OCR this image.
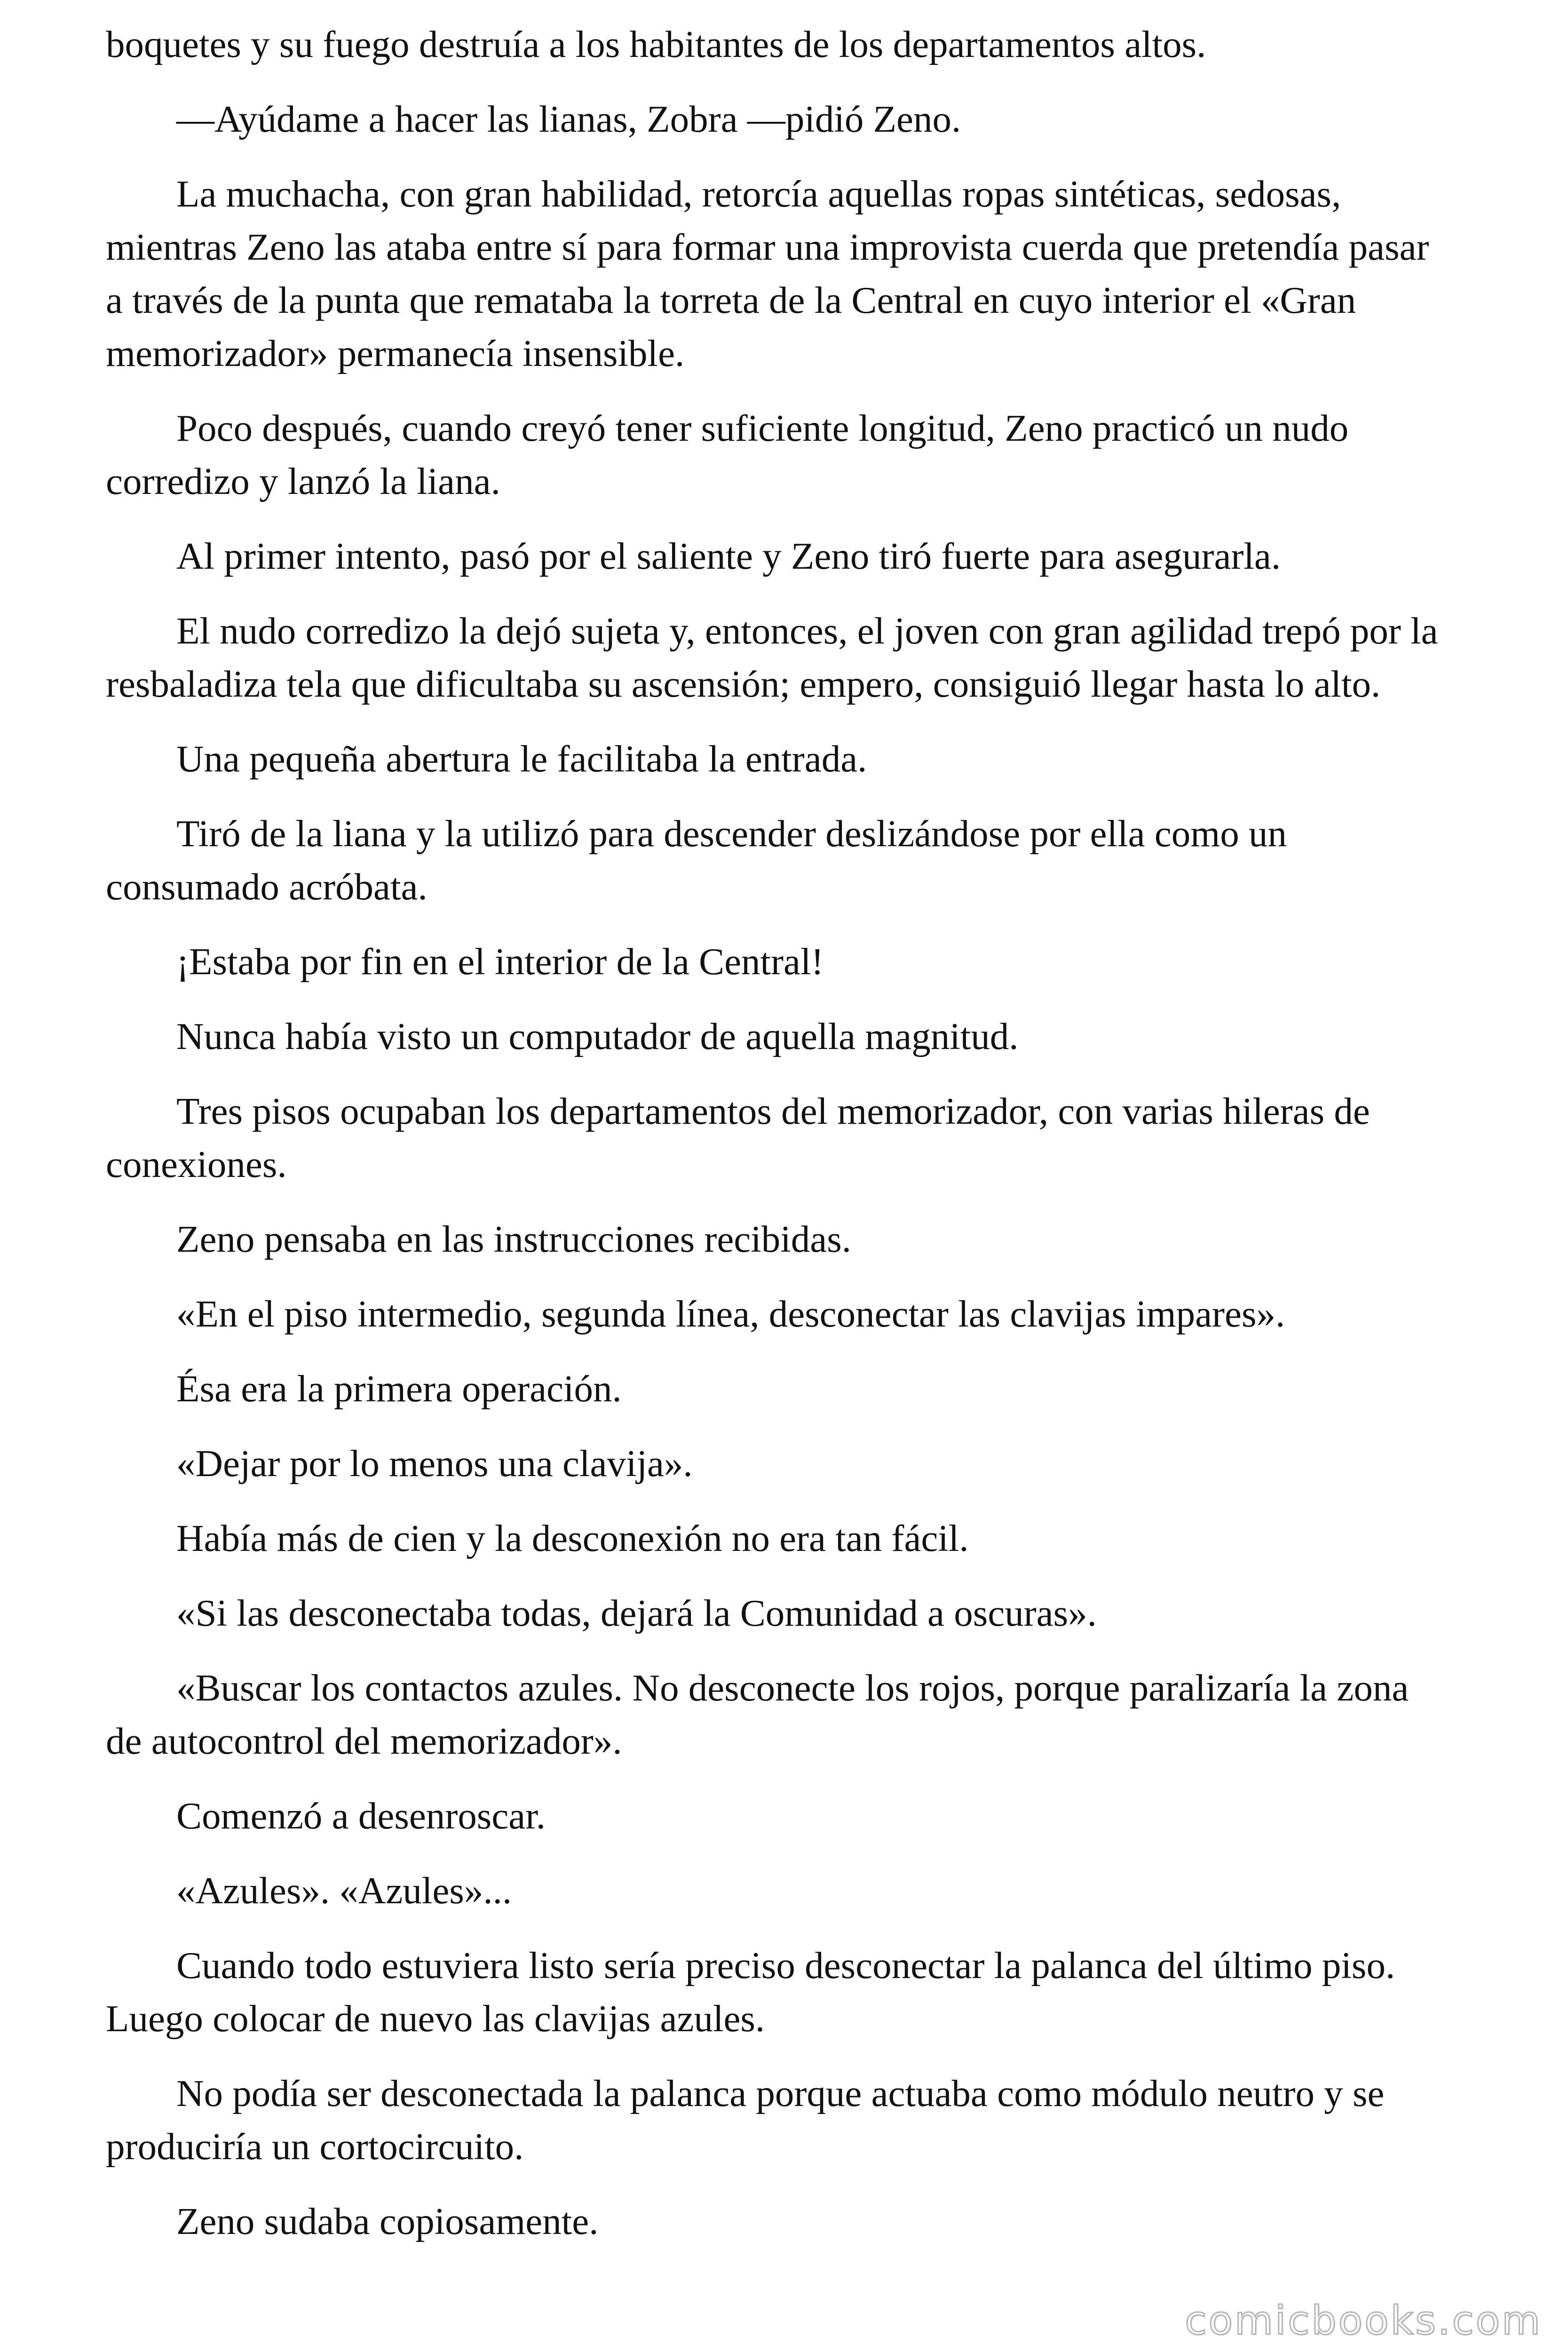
boquetes y su fuego destruía a los habitantes de los departamentos altos.

—Ayúdame a hacer las lianas, Zobra —pidió Zeno.

La muchacha, con gran habilidad, retorcía aquellas ropas sintéticas, sedosas, mientras Zeno las ataba entre sí para formar una improvista cuerda que pretendía pasar a través de la punta que remataba la torreta de la Central en cuyo interior el «Gran memorizador» permanecía insensible.

Poco después, cuando creyó tener suficiente longitud, Zeno practicó un nudo corredizo y lanzó la liana.

Al primer intento, pasó por el saliente y Zeno tiró fuerte para asegurarla.

El nudo corredizo la dejó sujeta y, entonces, el joven con gran agilidad trepó por la resbaladiza tela que dificultaba su ascensión; empero, consiguió llegar hasta lo alto.

Una pequeña abertura le facilitaba la entrada.

Tiró de la liana y la utilizó para descender deslizándose por ella como un consumado acróbata.

¡Estaba por fin en el interior de la Central!

Nunca había visto un computador de aquella magnitud.

Tres pisos ocupaban los departamentos del memorizador, con varias hileras de conexiones.

Zeno pensaba en las instrucciones recibidas.

«En el piso intermedio, segunda línea, desconectar las clavijas impares».

Ésa era la primera operación.

«Dejar por lo menos una clavija».

Había más de cien y la desconexión no era tan fácil.

«Si las desconectaba todas, dejará la Comunidad a oscuras».

«Buscar los contactos azules. No desconecte los rojos, porque paralizaría la zona de autocontrol del memorizador».

Comenzó a desenroscar.

«Azules». «Azules»...

Cuando todo estuviera listo sería preciso desconectar la palanca del último piso. Luego colocar de nuevo las clavijas azules.

No podía ser desconectada la palanca porque actuaba como módulo neutro y se produciría un cortocircuito.

Zeno sudaba copiosamente.

comicbooks.com
